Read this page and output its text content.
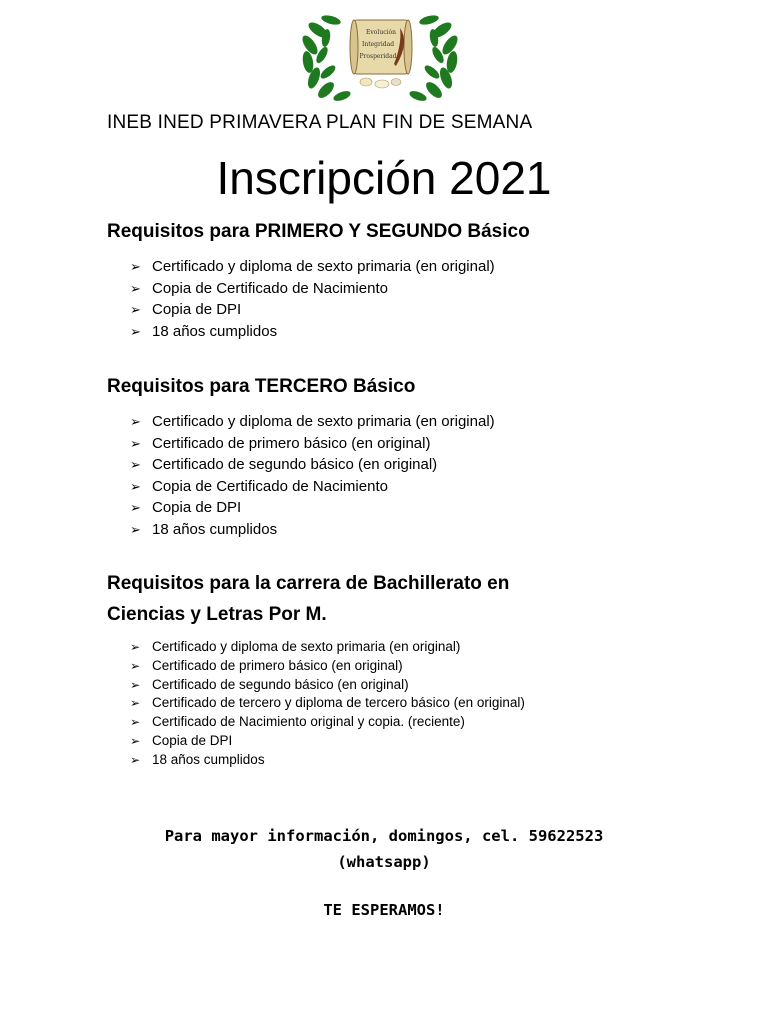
Evolución
Integridad
Prosperidad
INEB INED PRIMAVERA PLAN FIN DE SEMANA
Inscripción 2021
Requisitos para PRIMERO Y SEGUNDO Básico
➢ Certificado y diploma de sexto primaria (en original)
➢ Copia de Certificado de Nacimiento
➢ Copia de DPI
➢ 18 años cumplidos
Requisitos para TERCERO Básico
➢ Certificado y diploma de sexto primaria (en original)
➢ Certificado de primero básico (en original)
➢ Certificado de segundo básico (en original)
➢ Copia de Certificado de Nacimiento
➢ Copia de DPI
➢ 18 años cumplidos
Requisitos para la carrera de Bachillerato en
Ciencias y Letras Por M.
➢ Certificado y diploma de sexto primaria (en original)
➢ Certificado de primero básico (en original)
➢ Certificado de segundo básico (en original)
➢ Certificado de tercero y diploma de tercero básico (en original)
➢ Certificado de Nacimiento original y copia. (reciente)
➢ Copia de DPI
➢ 18 años cumplidos
Para mayor información, domingos, cel. 59622523
(whatsapp)
TE ESPERAMOS!
